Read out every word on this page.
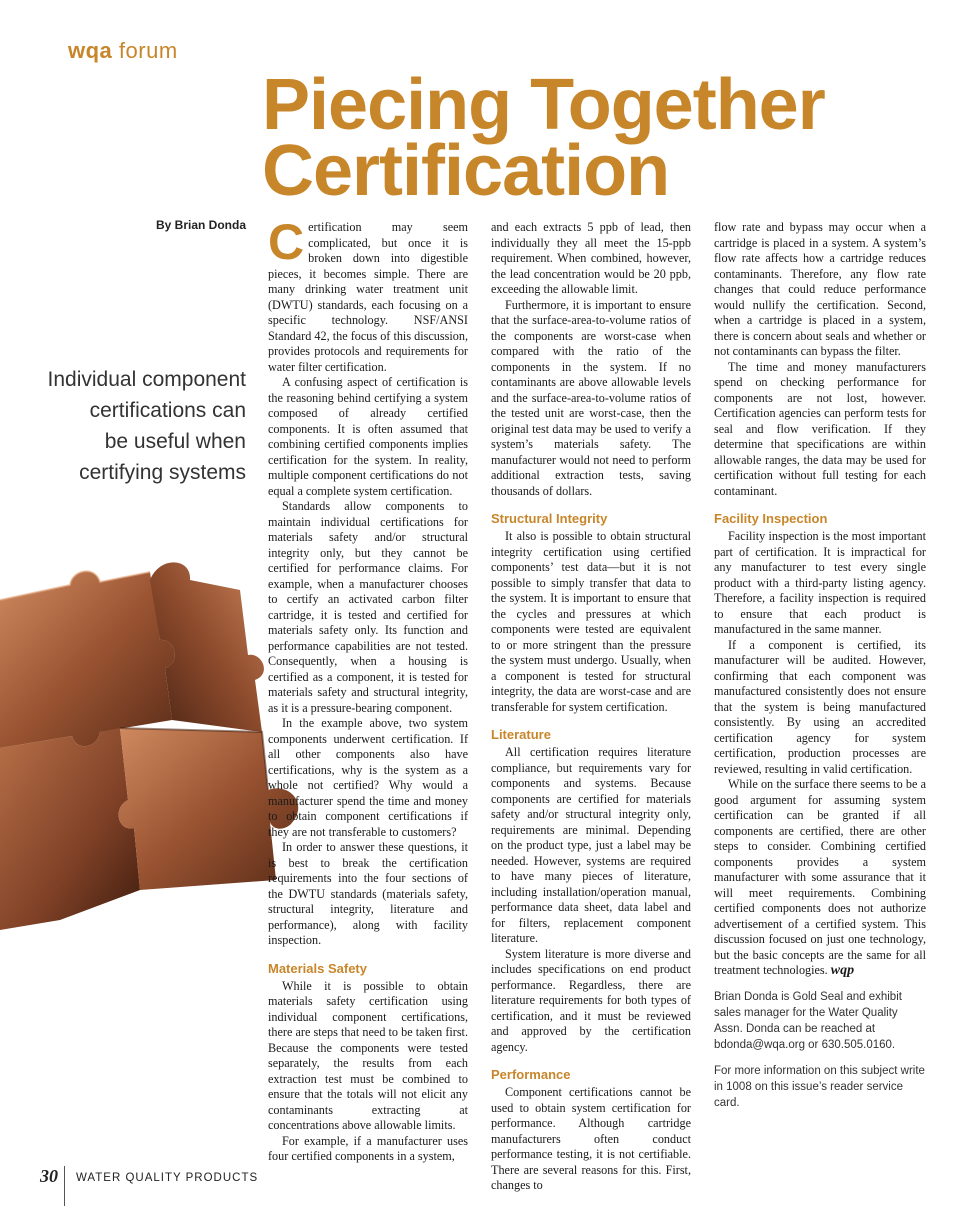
wqa forum
Piecing Together
Certification
By Brian Donda
Individual component
certifications can
be useful when
certifying systems
C ertification may seem complicated, but once it is broken down into digestible pieces, it becomes simple. There are many drinking water treatment unit (DWTU) standards, each focusing on a specific technology. NSF/ANSI Standard 42, the focus of this discussion, provides protocols and requirements for water filter certification.

A confusing aspect of certification is the reasoning behind certifying a system composed of already certified components. It is often assumed that combining certified components implies certification for the system. In reality, multiple component certifications do not equal a complete system certification.

Standards allow components to maintain individual certifications for materials safety and/or structural integrity only, but they cannot be certified for performance claims. For example, when a manufacturer chooses to certify an activated carbon filter cartridge, it is tested and certified for materials safety only. Its function and performance capabilities are not tested. Consequently, when a housing is certified as a component, it is tested for materials safety and structural integrity, as it is a pressure-bearing component.

In the example above, two system components underwent certification. If all other components also have certifications, why is the system as a whole not certified? Why would a manufacturer spend the time and money to obtain component certifications if they are not transferable to customers?

In order to answer these questions, it is best to break the certification requirements into the four sections of the DWTU standards (materials safety, structural integrity, literature and performance), along with facility inspection.

Materials Safety

While it is possible to obtain materials safety certification using individual component certifications, there are steps that need to be taken first. Because the components were tested separately, the results from each extraction test must be combined to ensure that the totals will not elicit any contaminants extracting at concentrations above allowable limits.

For example, if a manufacturer uses four certified components in a system,

and each extracts 5 ppb of lead, then individually they all meet the 15-ppb requirement. When combined, however, the lead concentration would be 20 ppb, exceeding the allowable limit.

Furthermore, it is important to ensure that the surface-area-to-volume ratios of the components are worst-case when compared with the ratio of the components in the system. If no contaminants are above allowable levels and the surface-area-to-volume ratios of the tested unit are worst-case, then the original test data may be used to verify a system’s materials safety. The manufacturer would not need to perform additional extraction tests, saving thousands of dollars.

Structural Integrity

It also is possible to obtain structural integrity certification using certified components’ test data—but it is not possible to simply transfer that data to the system. It is important to ensure that the cycles and pressures at which components were tested are equivalent to or more stringent than the pressure the system must undergo. Usually, when a component is tested for structural integrity, the data are worst-case and are transferable for system certification.

Literature

All certification requires literature compliance, but requirements vary for components and systems. Because components are certified for materials safety and/or structural integrity only, requirements are minimal. Depending on the product type, just a label may be needed. However, systems are required to have many pieces of literature, including installation/operation manual, performance data sheet, data label and for filters, replacement component literature.

System literature is more diverse and includes specifications on end product performance. Regardless, there are literature requirements for both types of certification, and it must be reviewed and approved by the certification agency.

Performance

Component certifications cannot be used to obtain system certification for performance. Although cartridge manufacturers often conduct performance testing, it is not certifiable. There are several reasons for this. First, changes to

flow rate and bypass may occur when a cartridge is placed in a system. A system’s flow rate affects how a cartridge reduces contaminants. Therefore, any flow rate changes that could reduce performance would nullify the certification. Second, when a cartridge is placed in a system, there is concern about seals and whether or not contaminants can bypass the filter.

The time and money manufacturers spend on checking performance for components are not lost, however. Certification agencies can perform tests for seal and flow verification. If they determine that specifications are within allowable ranges, the data may be used for certification without full testing for each contaminant.

Facility Inspection

Facility inspection is the most important part of certification. It is impractical for any manufacturer to test every single product with a third-party listing agency. Therefore, a facility inspection is required to ensure that each product is manufactured in the same manner.

If a component is certified, its manufacturer will be audited. However, confirming that each component was manufactured consistently does not ensure that the system is being manufactured consistently. By using an accredited certification agency for system certification, production processes are reviewed, resulting in valid certification.

While on the surface there seems to be a good argument for assuming system certification can be granted if all components are certified, there are other steps to consider. Combining certified components provides a system manufacturer with some assurance that it will meet requirements. Combining certified components does not authorize advertisement of a certified system. This discussion focused on just one technology, but the basic concepts are the same for all treatment technologies. wqp

Brian Donda is Gold Seal and exhibit sales manager for the Water Quality Assn. Donda can be reached at bdonda@wqa.org or 630.505.0160.

For more information on this subject write in 1008 on this issue’s reader service card.

30 WATER QUALITY PRODUCTS
